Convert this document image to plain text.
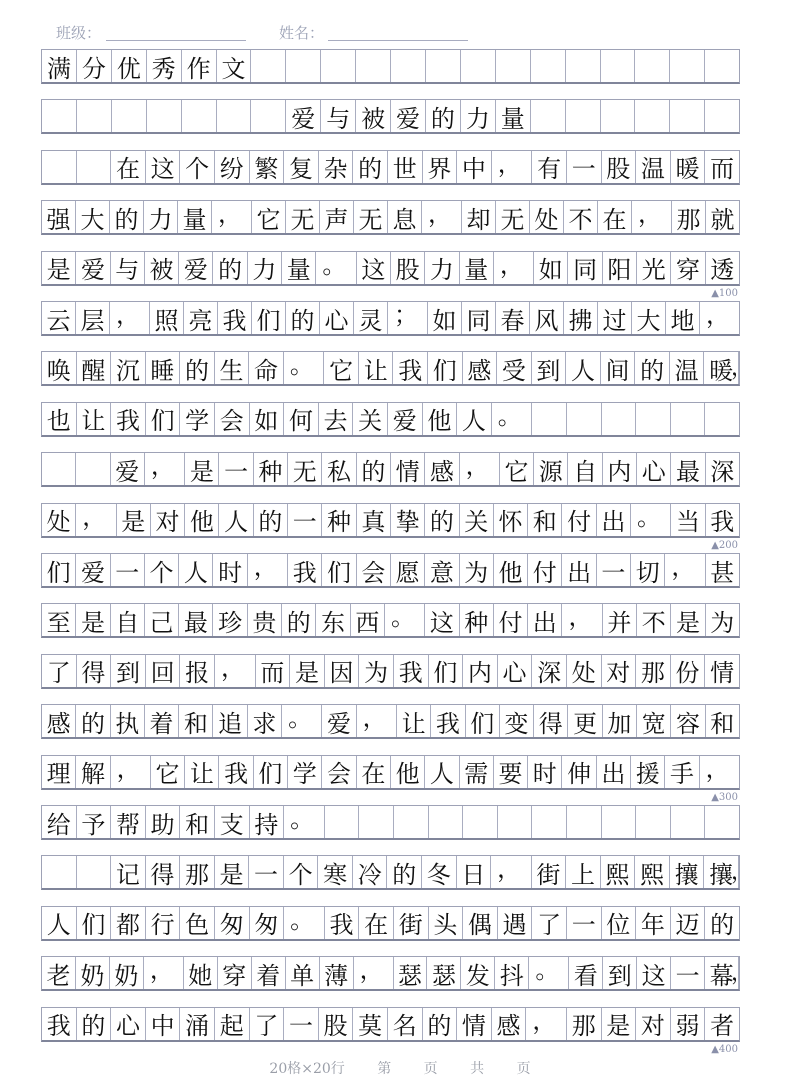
班级：	姓名：
满 分 优 秀 作 文
爱 与 被 爱 的 力 量
在 这 个 纷 繁 复 杂 的 世 界 中 ， 有 一 股 温 暖 而
强 大 的 力 量 ， 它 无 声 无 息 ， 却 无 处 不 在 ， 那 就
是 爱 与 被 爱 的 力 量 。 这 股 力 量 ， 如 同 阳 光 穿 透
▲100
云 层 ， 照 亮 我 们 的 心 灵 ； 如 同 春 风 拂 过 大 地 ，
唤 醒 沉 睡 的 生 命 。 它 让 我 们 感 受 到 人 间 的 温 暖
，
也 让 我 们 学 会 如 何 去 关 爱 他 人 。
爱 ， 是 一 种 无 私 的 情 感 ， 它 源 自 内 心 最 深
处 ， 是 对 他 人 的 一 种 真 挚 的 关 怀 和 付 出 。 当 我
▲200
们 爱 一 个 人 时 ， 我 们 会 愿 意 为 他 付 出 一 切 ， 甚
至 是 自 己 最 珍 贵 的 东 西 。 这 种 付 出 ， 并 不 是 为
了 得 到 回 报 ， 而 是 因 为 我 们 内 心 深 处 对 那 份 情
感 的 执 着 和 追 求 。 爱 ， 让 我 们 变 得 更 加 宽 容 和
理 解 ， 它 让 我 们 学 会 在 他 人 需 要 时 伸 出 援 手 ，
▲300
给 予 帮 助 和 支 持 。
记 得 那 是 一 个 寒 冷 的 冬 日 ， 街 上 熙 熙 攘 攘
，
人 们 都 行 色 匆 匆 。 我 在 街 头 偶 遇 了 一 位 年 迈 的
老 奶 奶 ， 她 穿 着 单 薄 ， 瑟 瑟 发 抖 。 看 到 这 一 幕
，
我 的 心 中 涌 起 了 一 股 莫 名 的 情 感 ， 那 是 对 弱 者
▲400
20格×20行 第 页 共 页
